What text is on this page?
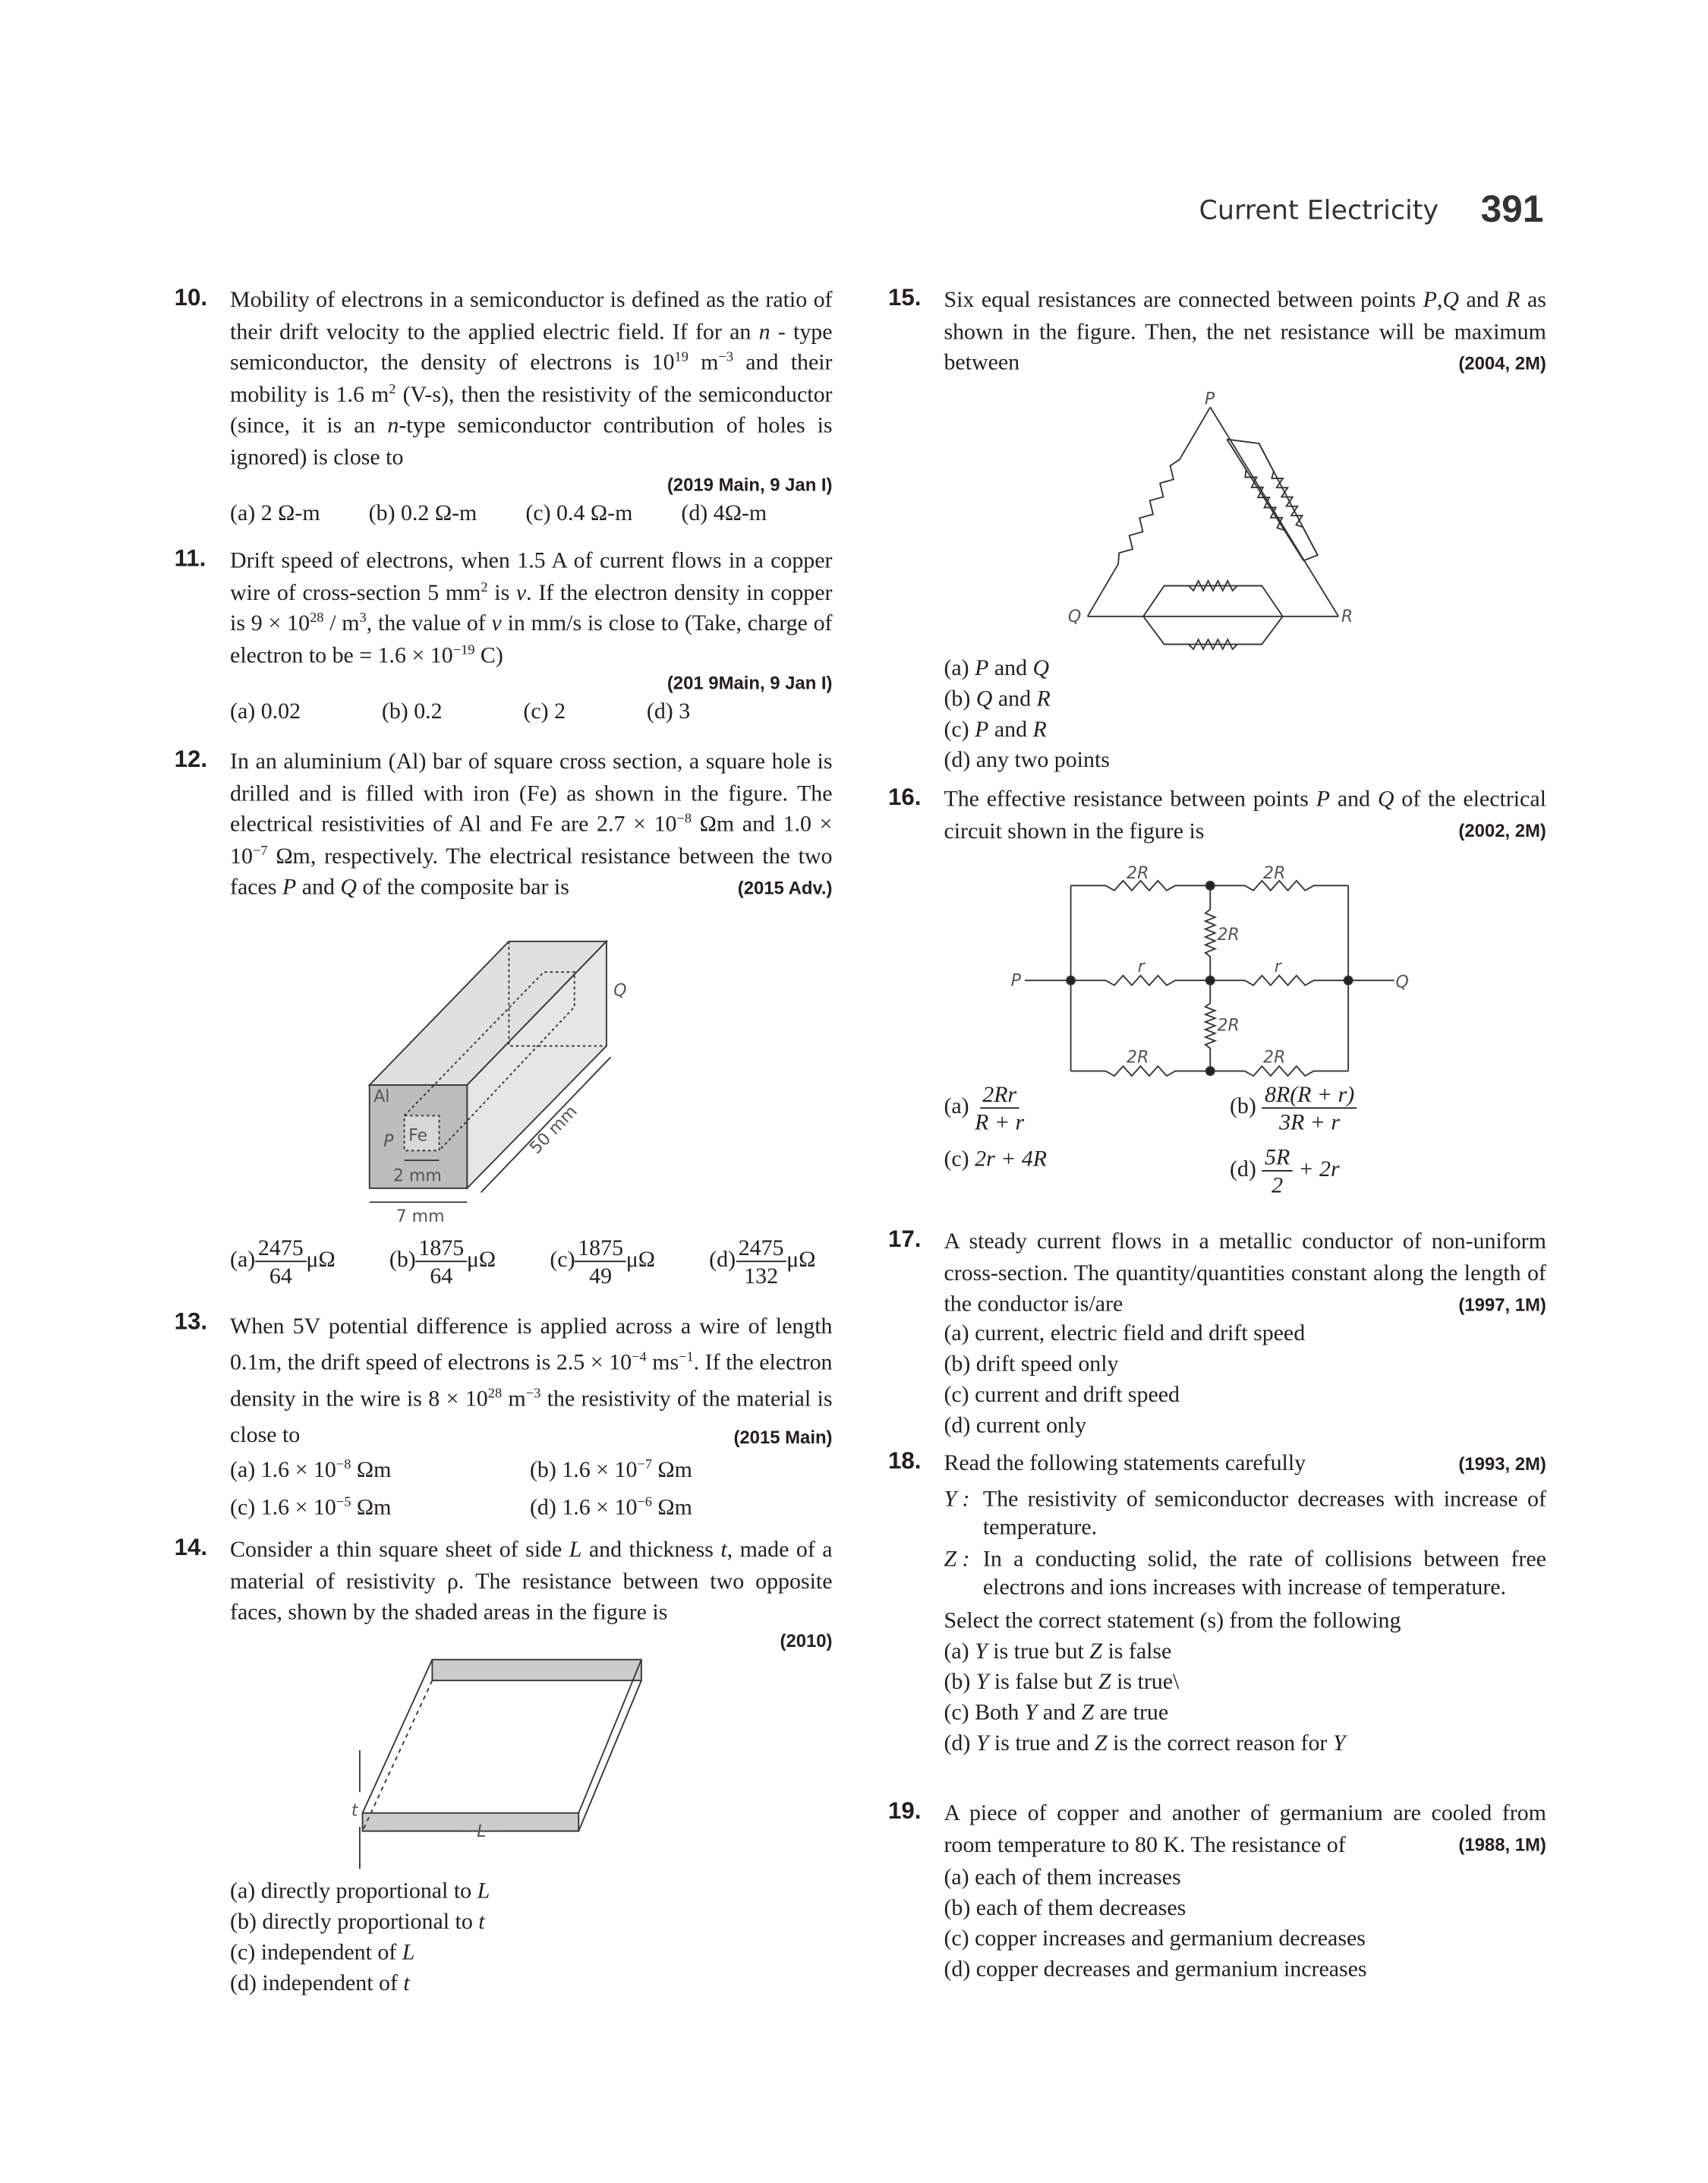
Current Electricity 391
Al
Fe
P
Q
2 mm
7 mm
50 mm
t
L
P
Q	R
P	Q
2R	2R
2R
2R
2R	2R
r	r
10. Mobility of electrons in a semiconductor is defined as the ratio of their drift velocity to the applied electric field. If for an n - type semiconductor, the density of electrons is $10^{19}$ $m^{-3}$ and their mobility is 1.6 $m^2$ (V-s), then the resistivity of the semiconductor (since, it is an n-type semiconductor contribution of holes is ignored) is close to
(2019 Main, 9 Jan I)
(a) 2 Ω-m	(b) 0.2 Ω-m	(c) 0.4 Ω-m	(d) 4Ω-m
11. Drift speed of electrons, when 1.5 A of current flows in a copper wire of cross-section 5 $mm^2$ is v. If the electron density in copper is $9 \times 10^{28} / m^3$, the value of v in mm/s is close to (Take, charge of electron to be = $1.6 \times 10^{-19}$ C)
(201 9Main, 9 Jan I)
(a) 0.02	(b) 0.2	(c) 2	(d) 3
12. In an aluminium (Al) bar of square cross section, a square hole is drilled and is filled with iron (Fe) as shown in the figure. The electrical resistivities of Al and Fe are $2.7 \times 10^{-8}$ Ωm and $1.0 \times 10^{-7}$ Ωm, respectively. The electrical resistance between the two faces P and Q of the composite bar is	(2015 Adv.)
$(a) \frac{2475}{64}$ μΩ	$(b) \frac{1875}{64}$ μΩ	$(c) \frac{1875}{49}$ μΩ	$(d) \frac{2475}{132}$ μΩ
13. When 5V potential difference is applied across a wire of length 0.1m, the drift speed of electrons is $2.5 \times 10^{-4}$ $ms^{-1}$. If the electron density in the wire is $8 \times 10^{28}$ $m^{-3}$ the resistivity of the material is close to	(2015 Main)
(a) $1.6 \times 10^{-8}$ Ωm	(b) $1.6 \times 10^{-7}$ Ωm
(c) $1.6 \times 10^{-5}$ Ωm	(d) $1.6 \times 10^{-6}$ Ωm
14. Consider a thin square sheet of side L and thickness t, made of a material of resistivity ρ. The resistance between two opposite faces, shown by the shaded areas in the figure is
(2010)
(a) directly proportional to L
(b) directly proportional to t
(c) independent of L
(d) independent of t
15. Six equal resistances are connected between points P,Q and R as shown in the figure. Then, the net resistance will be maximum between	(2004, 2M)
(a) P and Q
(b) Q and R
(c) P and R
(d) any two points
16. The effective resistance between points P and Q of the electrical circuit shown in the figure is	(2002, 2M)
$(a) \frac{2Rr}{R + r}$	$(b) \frac{8R(R + r)}{3R + r}$
(c) 2r + 4R	$(d) \frac{5R}{2} + 2r$
17. A steady current flows in a metallic conductor of non-uniform cross-section. The quantity/quantities constant along the length of the conductor is/are	(1997, 1M)
(a) current, electric field and drift speed
(b) drift speed only
(c) current and drift speed
(d) current only
18. Read the following statements carefully	(1993, 2M)
Y :	The resistivity of semiconductor decreases with increase of temperature.
Z :	In a conducting solid, the rate of collisions between free electrons and ions increases with increase of temperature.
Select the correct statement (s) from the following
(a) Y is true but Z is false
(b) Y is false but Z is true\
(c) Both Y and Z are true
(d) Y is true and Z is the correct reason for Y
19. A piece of copper and another of germanium are cooled from room temperature to 80 K. The resistance of	(1988, 1M)
(a) each of them increases
(b) each of them decreases
(c) copper increases and germanium decreases
(d) copper decreases and germanium increases
